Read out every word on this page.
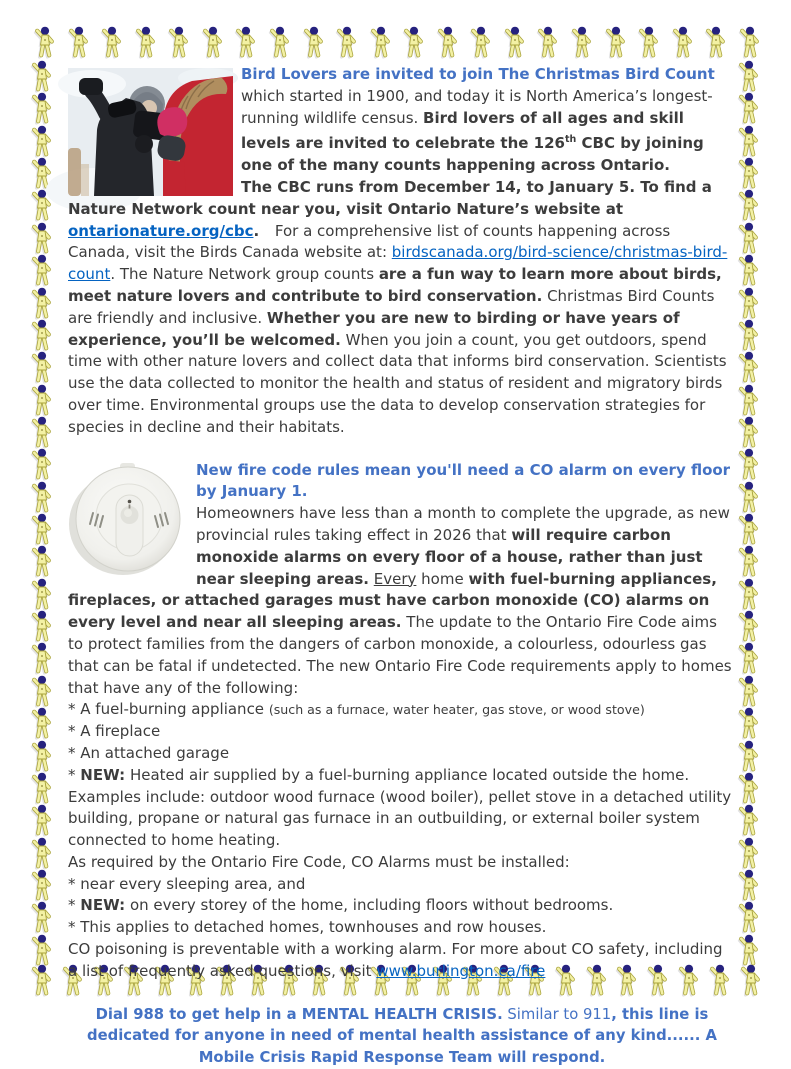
Bird Lovers are invited to join The Christmas Bird Count which started in 1900, and today it is North America’s longest-running wildlife census. Bird lovers of all ages and skill levels are invited to celebrate the 126th CBC by joining one of the many counts happening across Ontario.
The CBC runs from December 14, to January 5. To find a Nature Network count near you, visit Ontario Nature’s website at ontarionature.org/cbc.   For a comprehensive list of counts happening across Canada, visit the Birds Canada website at: birdscanada.org/bird-science/christmas-bird-count. The Nature Network group counts are a fun way to learn more about birds, meet nature lovers and contribute to bird conservation. Christmas Bird Counts are friendly and inclusive. Whether you are new to birding or have years of experience, you’ll be welcomed. When you join a count, you get outdoors, spend time with other nature lovers and collect data that informs bird conservation. Scientists use the data collected to monitor the health and status of resident and migratory birds over time. Environmental groups use the data to develop conservation strategies for species in decline and their habitats.

New fire code rules mean you'll need a CO alarm on every floor by January 1.
Homeowners have less than a month to complete the upgrade, as new provincial rules taking effect in 2026 that will require carbon monoxide alarms on every floor of a house, rather than just near sleeping areas. Every home with fuel-burning appliances, fireplaces, or attached garages must have carbon monoxide (CO) alarms on every level and near all sleeping areas. The update to the Ontario Fire Code aims to protect families from the dangers of carbon monoxide, a colourless, odourless gas that can be fatal if undetected. The new Ontario Fire Code requirements apply to homes that have any of the following:
* A fuel-burning appliance (such as a furnace, water heater, gas stove, or wood stove)
* A fireplace
* An attached garage
* NEW: Heated air supplied by a fuel-burning appliance located outside the home. Examples include: outdoor wood furnace (wood boiler), pellet stove in a detached utility building, propane or natural gas furnace in an outbuilding, or external boiler system connected to home heating.
As required by the Ontario Fire Code, CO Alarms must be installed:
* near every sleeping area, and
* NEW: on every storey of the home, including floors without bedrooms.
* This applies to detached homes, townhouses and row houses.
CO poisoning is preventable with a working alarm. For more about CO safety, including a list of frequently asked questions, visit www.burlington.ca/fire

Dial 988 to get help in a MENTAL HEALTH CRISIS. Similar to 911, this line is dedicated for anyone in need of mental health assistance of any kind...... A Mobile Crisis Rapid Response Team will respond.
